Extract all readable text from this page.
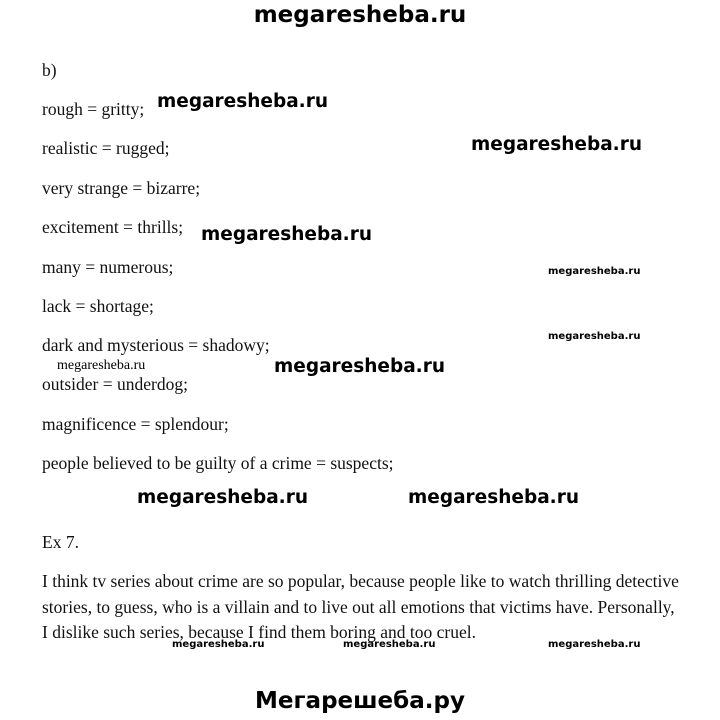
megaresheba.ru
b)
rough = gritty;
realistic = rugged;
very strange = bizarre;
excitement = thrills;
many = numerous;
lack = shortage;
dark and mysterious = shadowy;
outsider = underdog;
magnificence = splendour;
people believed to be guilty of a crime = suspects;
Ex 7.
I think tv series about crime are so popular, because people like to watch thrilling detective stories, to guess, who is a villain and to live out all emotions that victims have. Personally, I dislike such series, because I find them boring and too cruel.
megaresheba.ru
megaresheba.ru
megaresheba.ru
megaresheba.ru
megaresheba.ru
megaresheba.ru	megaresheba.ru
megaresheba.ru	megaresheba.ru
megaresheba.ru	megaresheba.ru	megaresheba.ru
Мегарешеба.ру
